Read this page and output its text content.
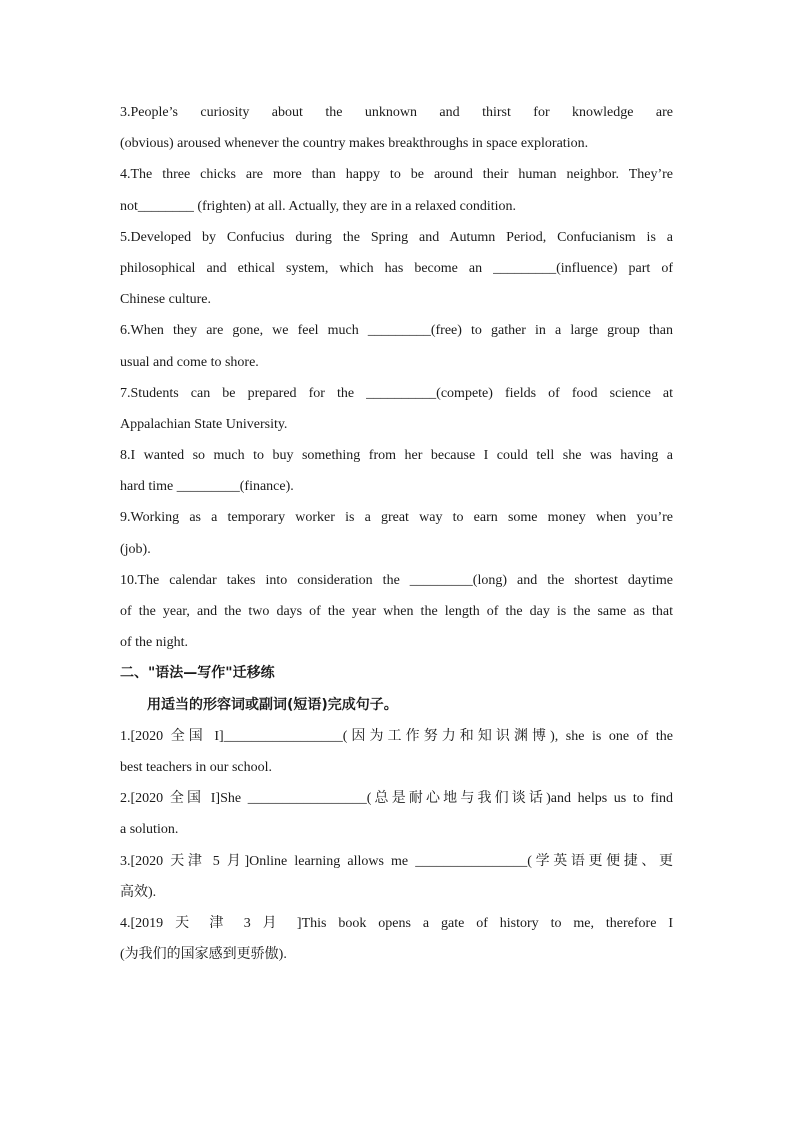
3.People’s curiosity about the unknown and thirst for knowledge are
(obvious) aroused whenever the country makes breakthroughs in space exploration.
4.The three chicks are more than happy to be around their human neighbor. They’re
not________ (frighten) at all. Actually, they are in a relaxed condition.
5.Developed by Confucius during the Spring and Autumn Period, Confucianism is a
philosophical and ethical system, which has become an _________(influence) part of
Chinese culture.
6.When they are gone, we feel much _________(free) to gather in a large group than
usual and come to shore.
7.Students can be prepared for the __________(compete) fields of food science at
Appalachian State University.
8.I wanted so much to buy something from her because I could tell she was having a
hard time _________(finance).
9.Working as a temporary worker is a great way to earn some money when you’re
(job).
10.The calendar takes into consideration the _________(long) and the shortest daytime
of the year, and the two days of the year when the length of the day is the same as that
of the night.
二、"语法—写作"迁移练
用适当的形容词或副词(短语)完成句子。
1.[2020 全国 I]_________________(因为工作努力和知识渊博), she is one of the
best teachers in our school.
2.[2020 全国 I]She _________________(总是耐心地与我们谈话)and helps us to find
a solution.
3.[2020 天津 5 月]Online learning allows me ________________(学英语更便捷、更
高效).
4.[2019 天 津 3 月 ]This book opens a gate of history to me, therefore I
(为我们的国家感到更骄傲).
